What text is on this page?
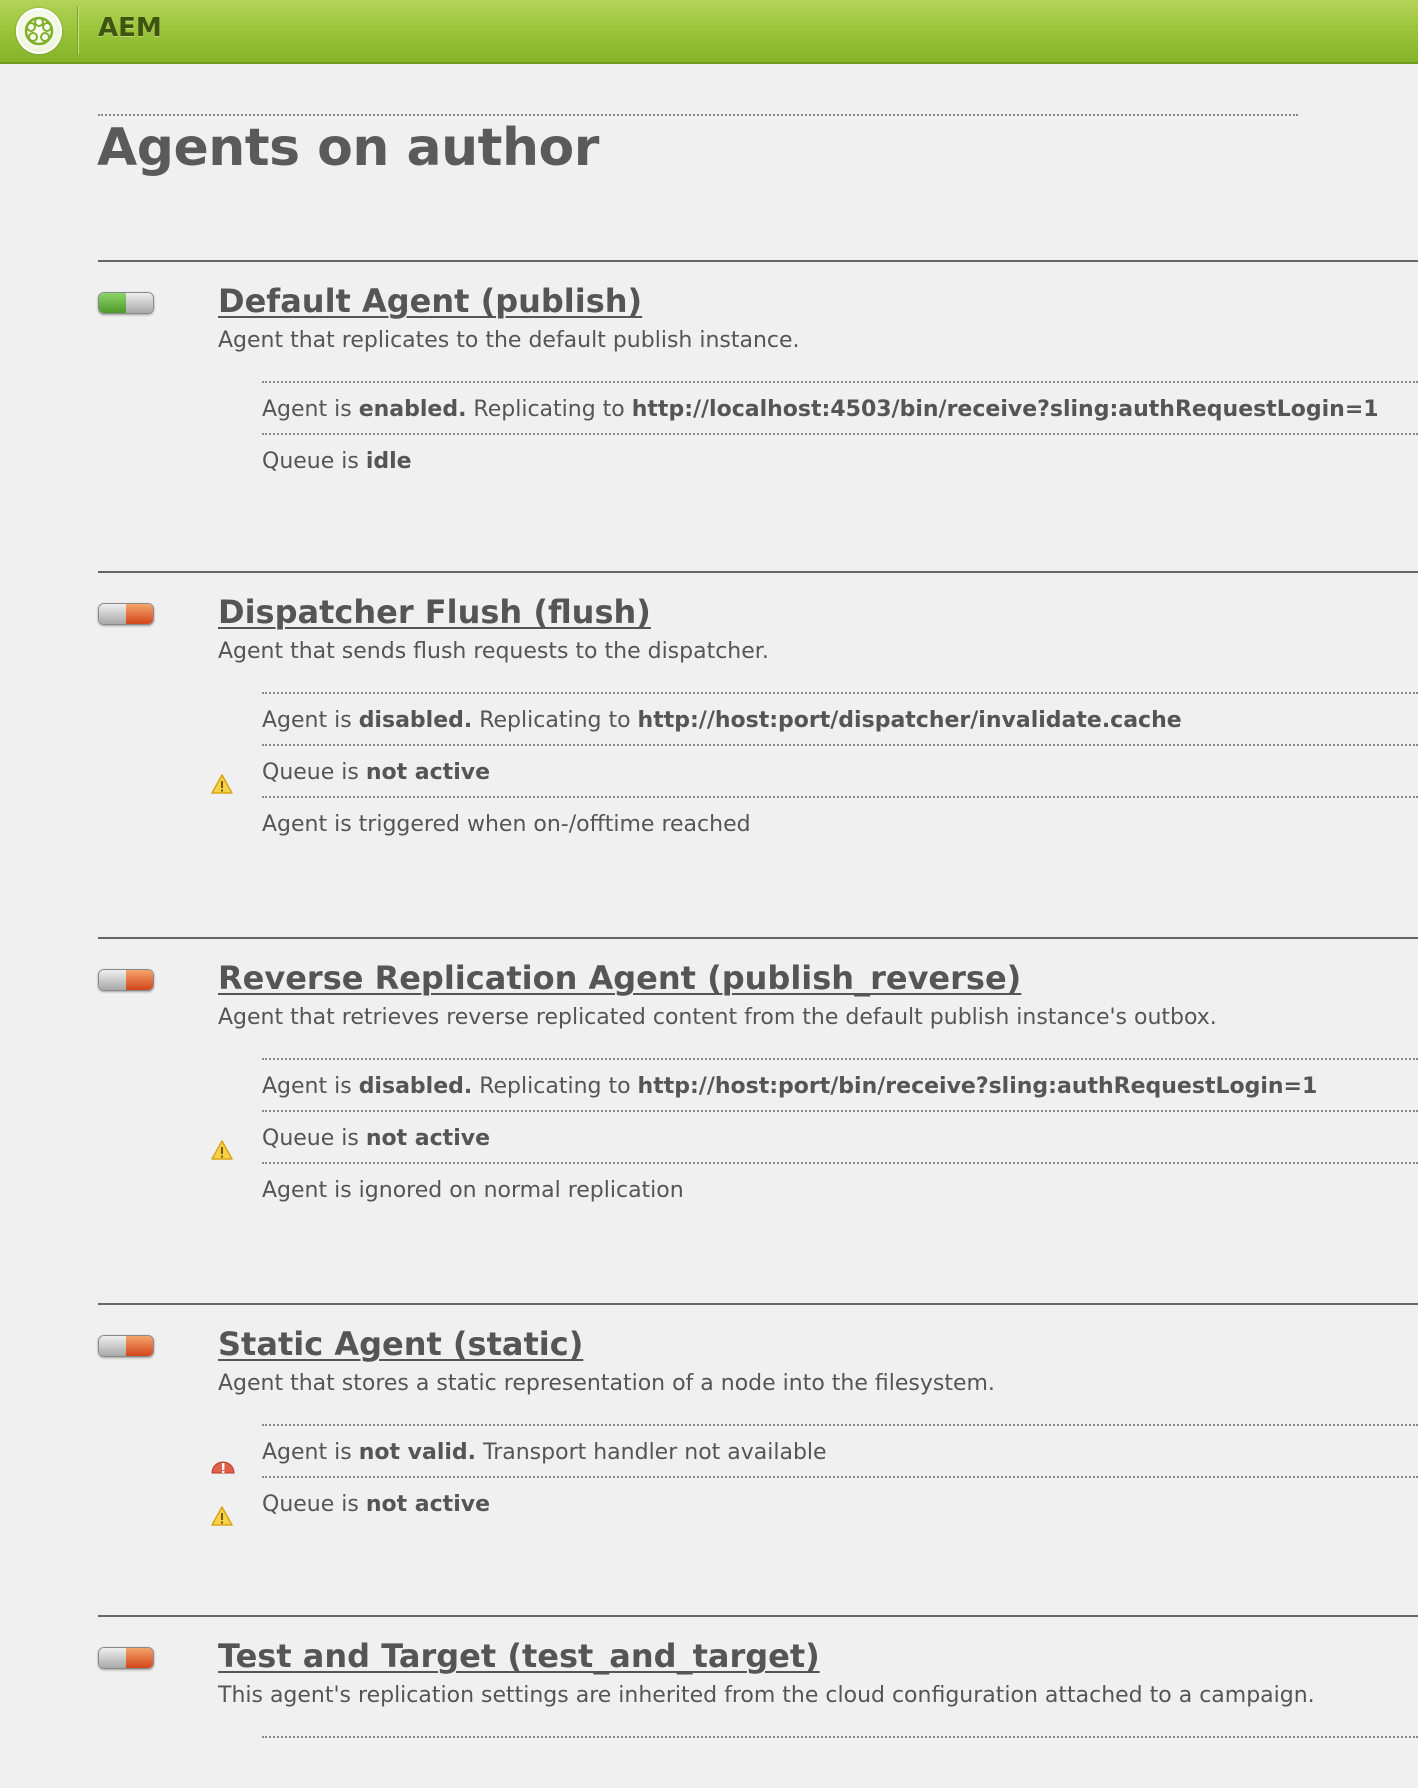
AEM
Agents on author
Default Agent (publish)
Agent that replicates to the default publish instance.
Agent is enabled. Replicating to http://localhost:4503/bin/receive?sling:authRequestLogin=1
Queue is idle
Dispatcher Flush (flush)
Agent that sends flush requests to the dispatcher.
Agent is disabled. Replicating to http://host:port/dispatcher/invalidate.cache
Queue is not active
Agent is triggered when on-/offtime reached
Reverse Replication Agent (publish_reverse)
Agent that retrieves reverse replicated content from the default publish instance's outbox.
Agent is disabled. Replicating to http://host:port/bin/receive?sling:authRequestLogin=1
Queue is not active
Agent is ignored on normal replication
Static Agent (static)
Agent that stores a static representation of a node into the filesystem.
Agent is not valid. Transport handler not available
Queue is not active
Test and Target (test_and_target)
This agent's replication settings are inherited from the cloud configuration attached to a campaign.
